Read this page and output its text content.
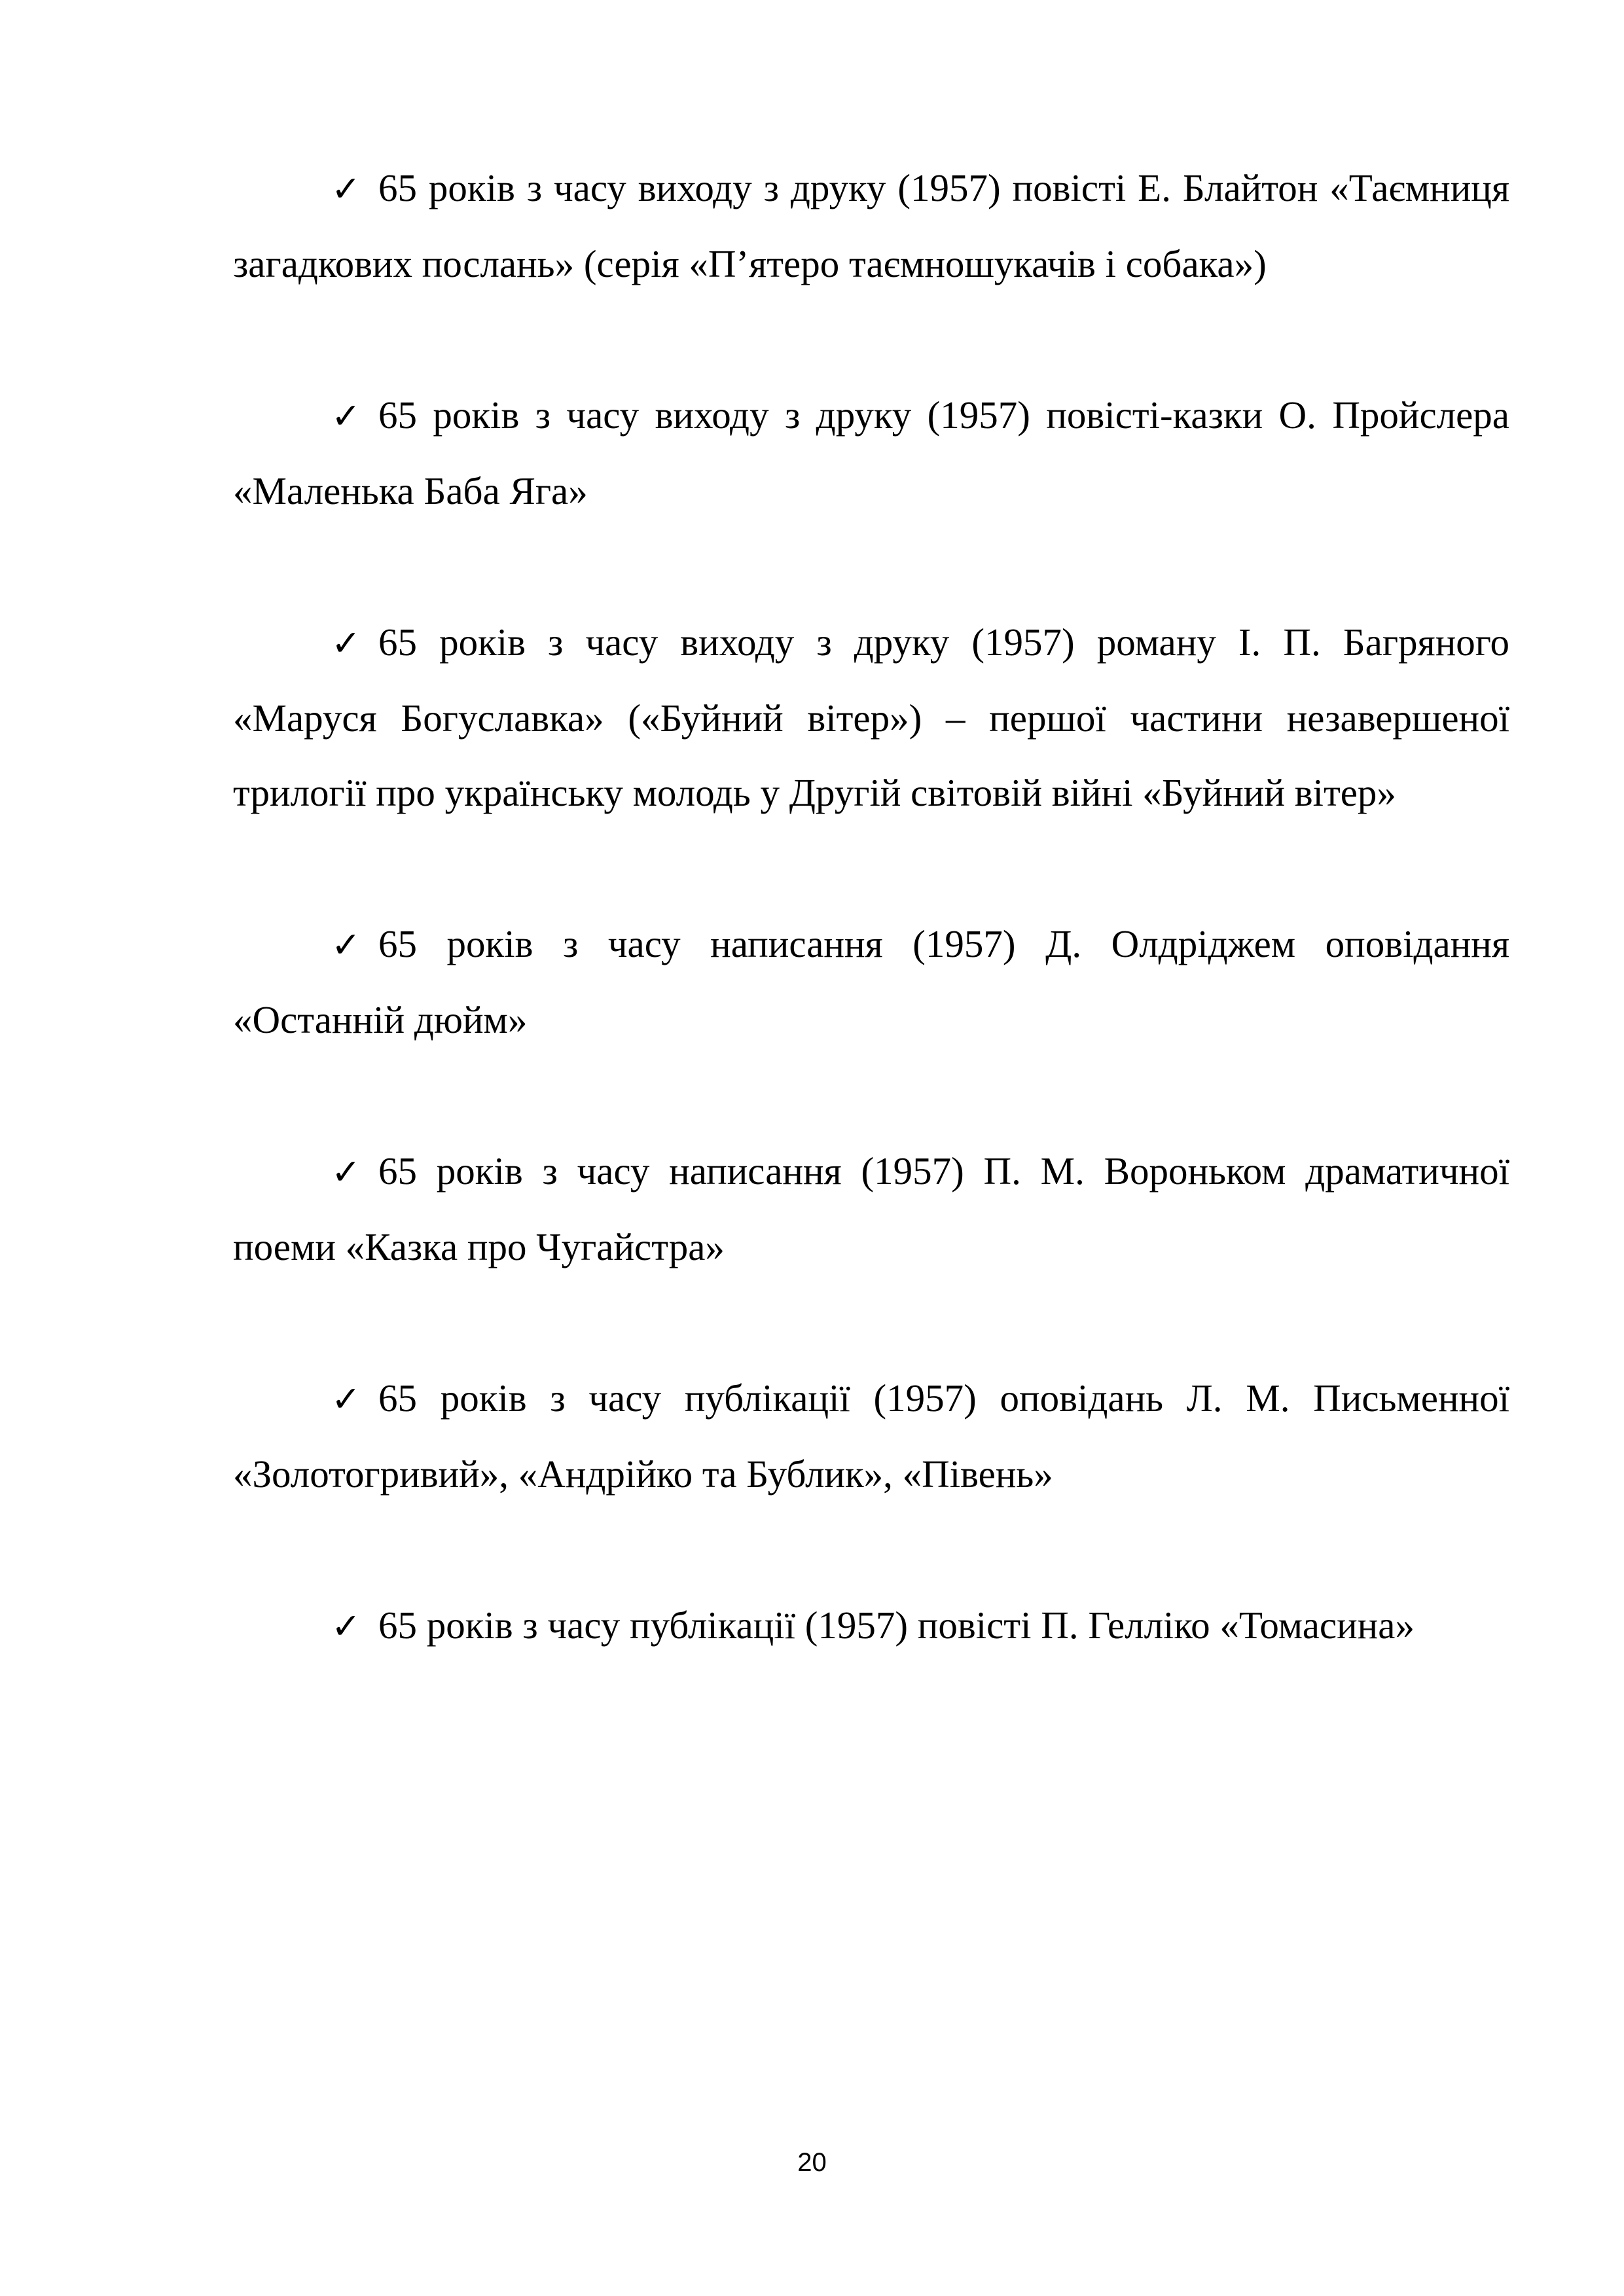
✓ 65 років з часу виходу з друку (1957) повісті Е. Блайтон «Таємниця загадкових послань» (серія «П’ятеро таємношукачів і собака»)

✓ 65 років з часу виходу з друку (1957) повісті-казки О. Пройслера «Маленька Баба Яга»

✓ 65 років з часу виходу з друку (1957) роману І. П. Багряного «Маруся Богуславка» («Буйний вітер») – першої частини незавершеної трилогії про українську молодь у Другій світовій війні «Буйний вітер»

✓ 65 років з часу написання (1957) Д. Олдріджем оповідання «Останній дюйм»

✓ 65 років з часу написання (1957) П. М. Вороньком драматичної поеми «Казка про Чугайстра»

✓ 65 років з часу публікації (1957) оповідань Л. М. Письменної «Золотогривий», «Андрійко та Бублик», «Півень»

✓ 65 років з часу публікації (1957) повісті П. Гелліко «Томасина»

20
